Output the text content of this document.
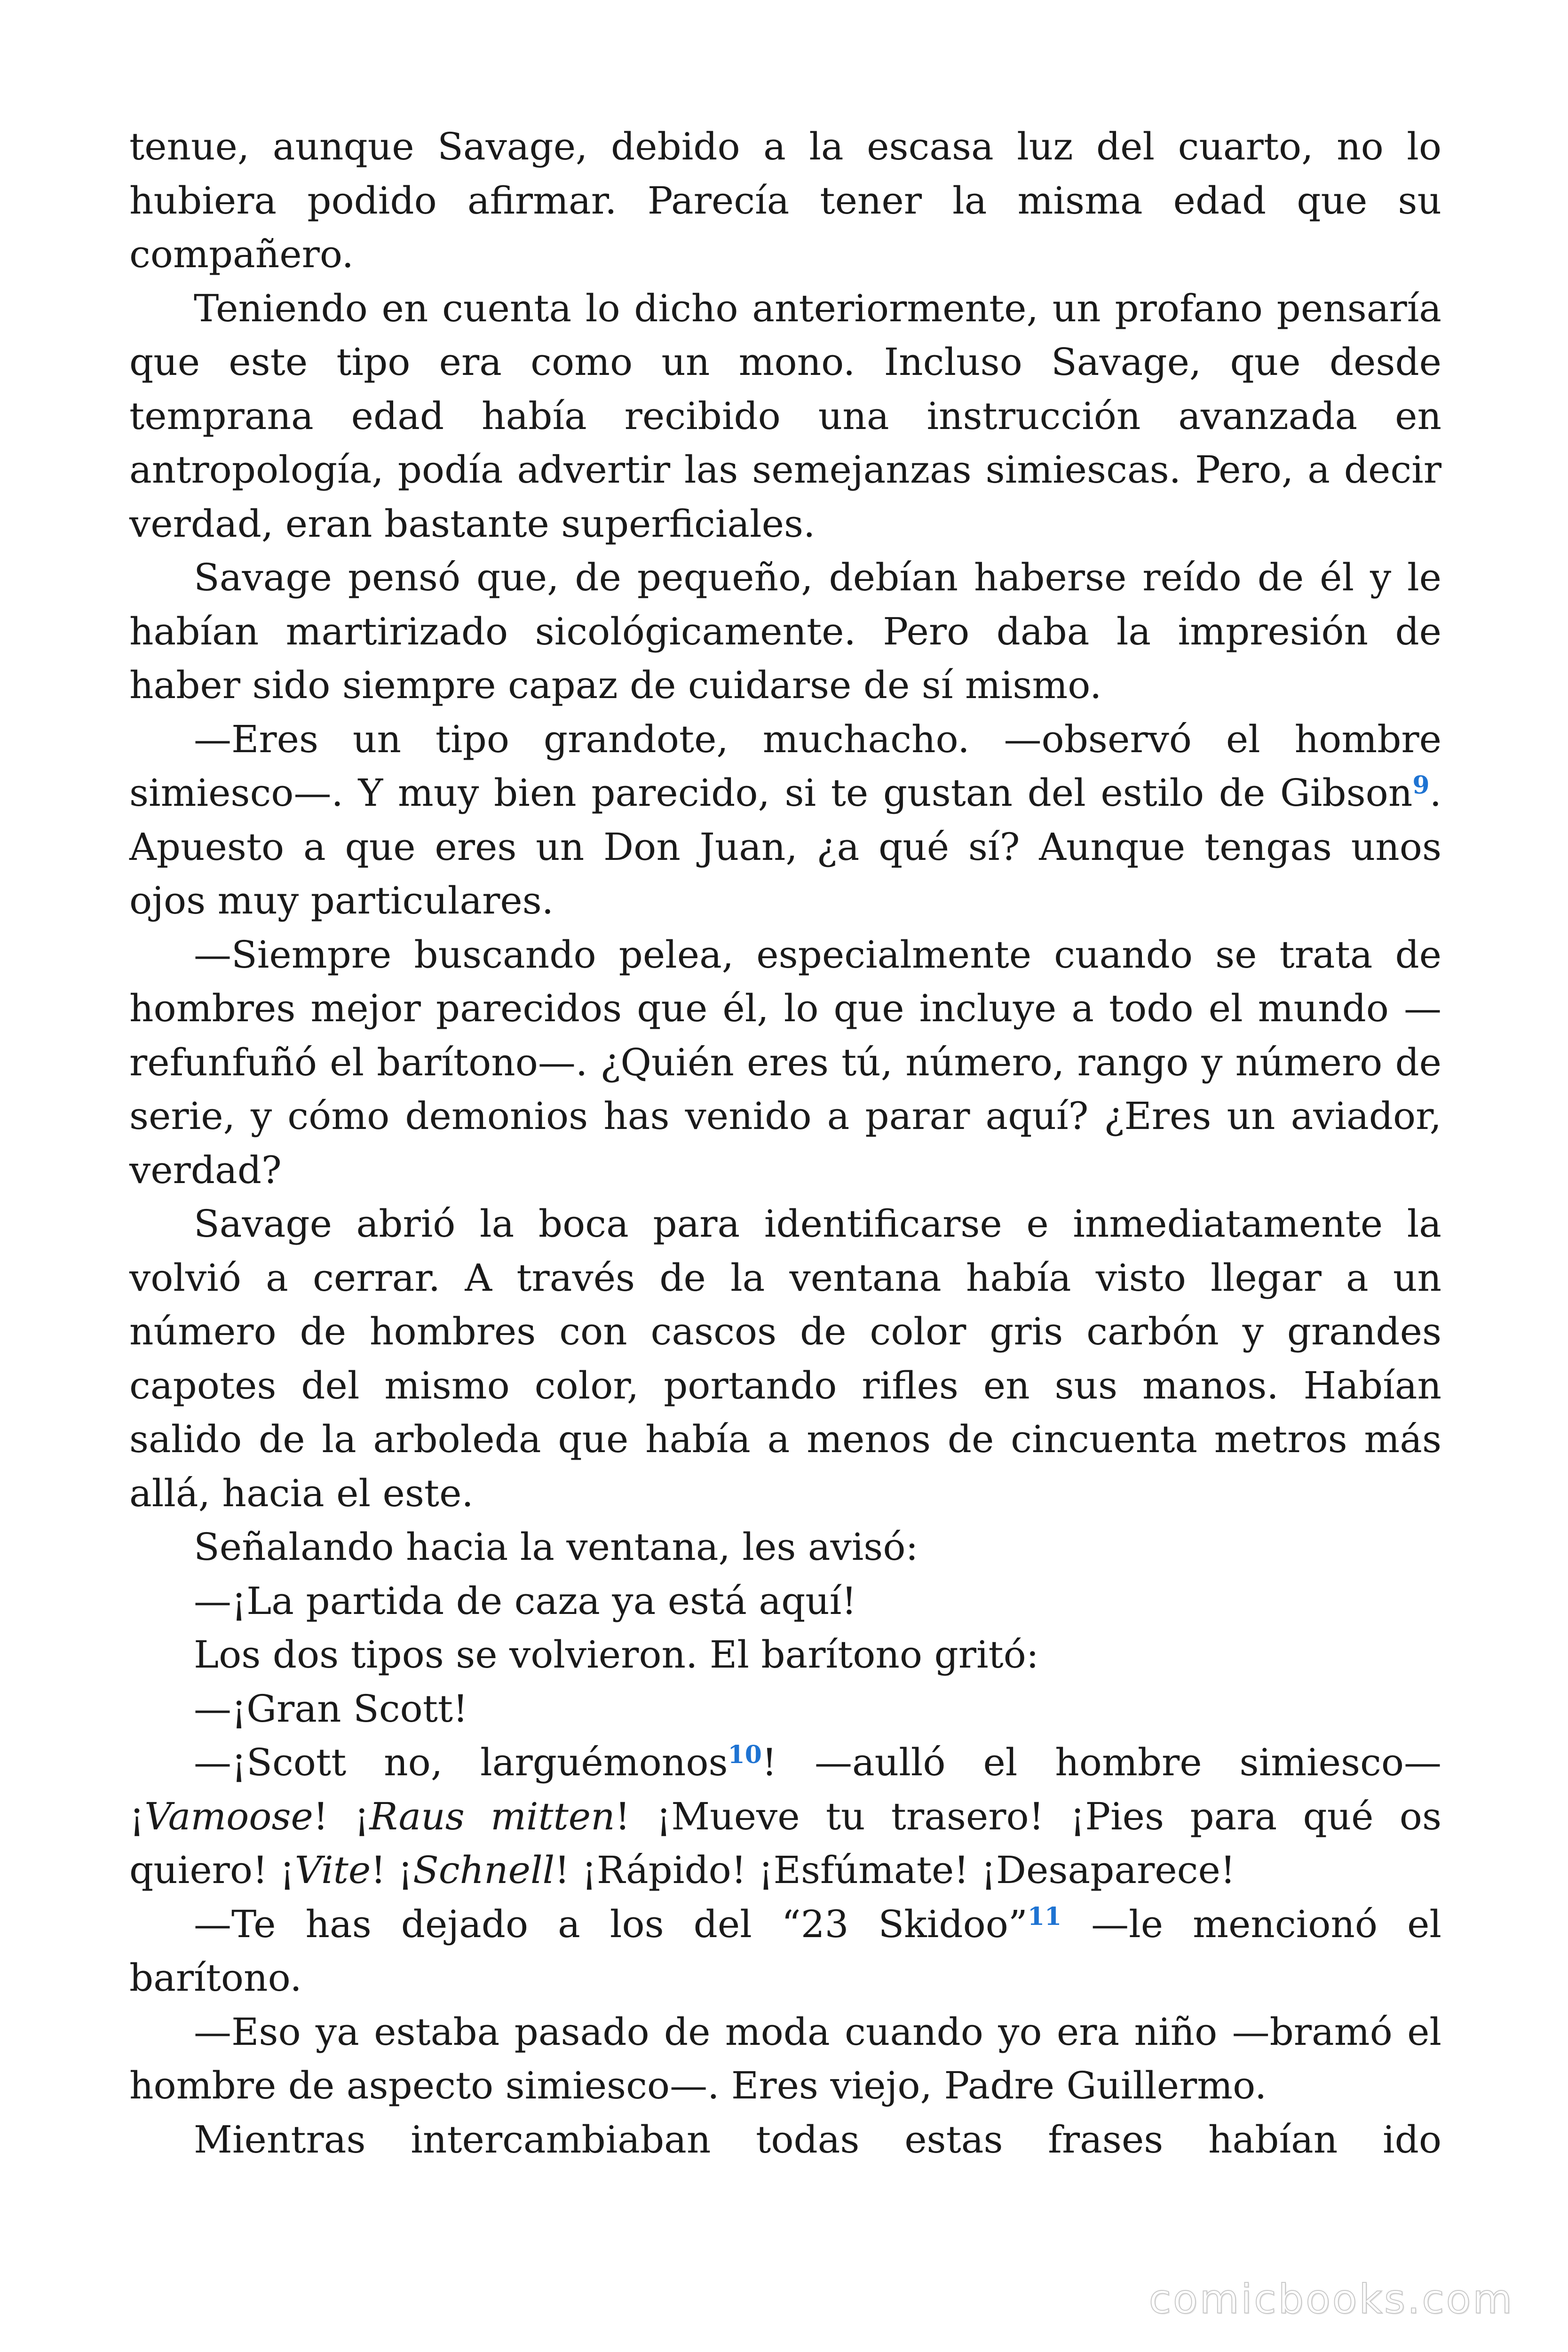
tenue, aunque Savage, debido a la escasa luz del cuarto, no lo hubiera podido afirmar. Parecía tener la misma edad que su compañero.

Teniendo en cuenta lo dicho anteriormente, un profano pensaría que este tipo era como un mono. Incluso Savage, que desde temprana edad había recibido una instrucción avanzada en antropología, podía advertir las semejanzas simiescas. Pero, a decir verdad, eran bastante superficiales.

Savage pensó que, de pequeño, debían haberse reído de él y le habían martirizado sicológicamente. Pero daba la impresión de haber sido siempre capaz de cuidarse de sí mismo.

—Eres un tipo grandote, muchacho. —observó el hombre simiesco—. Y muy bien parecido, si te gustan del estilo de Gibson$^9$. Apuesto a que eres un Don Juan, ¿a qué sí? Aunque tengas unos ojos muy particulares.

—Siempre buscando pelea, especialmente cuando se trata de hombres mejor parecidos que él, lo que incluye a todo el mundo —refunfuñó el barítono—. ¿Quién eres tú, número, rango y número de serie, y cómo demonios has venido a parar aquí? ¿Eres un aviador, verdad?

Savage abrió la boca para identificarse e inmediatamente la volvió a cerrar. A través de la ventana había visto llegar a un número de hombres con cascos de color gris carbón y grandes capotes del mismo color, portando rifles en sus manos. Habían salido de la arboleda que había a menos de cincuenta metros más allá, hacia el este.

Señalando hacia la ventana, les avisó:

—¡La partida de caza ya está aquí!

Los dos tipos se volvieron. El barítono gritó:

—¡Gran Scott!

—¡Scott no, larguémonos$^{10}$! —aulló el hombre simiesco— ¡Vamoose! ¡Raus mitten! ¡Mueve tu trasero! ¡Pies para qué os quiero! ¡Vite! ¡Schnell! ¡Rápido! ¡Esfúmate! ¡Desaparece!

—Te has dejado a los del “23 Skidoo”$^{11}$ —le mencionó el barítono.

—Eso ya estaba pasado de moda cuando yo era niño —bramó el hombre de aspecto simiesco—. Eres viejo, Padre Guillermo.

Mientras intercambiaban todas estas frases habían ido

comicbooks.com
